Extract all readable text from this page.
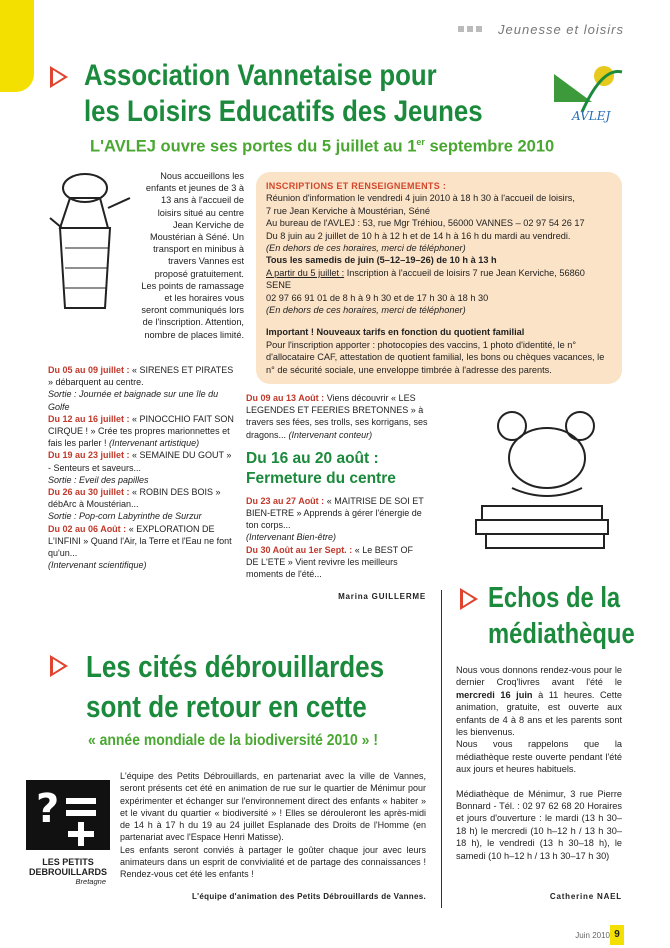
Jeunesse et loisirs
Association Vannetaise pour
les Loisirs Educatifs des Jeunes	AVLEJ
L'AVLEJ ouvre ses portes du 5 juillet au 1er septembre 2010
Nous accueillons les enfants et jeunes de 3 à 13 ans à l'accueil de loisirs situé au centre Jean Kerviche de Moustérian à Séné. Un transport en minibus à travers Vannes est proposé gratuitement. Les points de ramassage et les horaires vous seront communiqués lors de l'inscription. Attention, nombre de places limité.
INSCRIPTIONS ET RENSEIGNEMENTS :
Réunion d'information le vendredi 4 juin 2010 à 18 h 30 à l'accueil de loisirs,
7 rue Jean Kerviche à Moustérian, Séné
Au bureau de l'AVLEJ : 53, rue Mgr Tréhiou, 56000 VANNES – 02 97 54 26 17
Du 8 juin au 2 juillet de 10 h à 12 h et de 14 h à 16 h du mardi au vendredi.
(En dehors de ces horaires, merci de téléphoner)
Tous les samedis de juin (5–12–19–26) de 10 h à 13 h
A partir du 5 juillet : Inscription à l'accueil de loisirs 7 rue Jean Kerviche, 56860 SENE
02 97 66 91 01 de 8 h à 9 h 30 et de 17 h 30 à 18 h 30
(En dehors de ces horaires, merci de téléphoner)
Important ! Nouveaux tarifs en fonction du quotient familial
Pour l'inscription apporter : photocopies des vaccins, 1 photo d'identité, le n° d'allocataire CAF, attestation de quotient familial, les bons ou chèques vacances, le n° de sécurité sociale, une enveloppe timbrée à l'adresse des parents.
Du 05 au 09 juillet : « SIRENES ET PIRATES » débarquent au centre.
Sortie : Journée et baignade sur une île du Golfe
Du 12 au 16 juillet : « PINOCCHIO FAIT SON CIRQUE ! » Crée tes propres marionnettes et fais les parler ! (Intervenant artistique)
Du 19 au 23 juillet : « SEMAINE DU GOUT » - Senteurs et saveurs...
Sortie : Eveil des papilles
Du 26 au 30 juillet : « ROBIN DES BOIS » débArc à Moustérian...
Sortie : Pop-corn Labyrinthe de Surzur
Du 02 au 06 Août : « EXPLORATION DE L'INFINI » Quand l'Air, la Terre et l'Eau ne font qu'un...
(Intervenant scientifique)
Du 09 au 13 Août : Viens découvrir « LES LEGENDES ET FEERIES BRETONNES » à travers ses fées, ses trolls, ses korrigans, ses dragons... (Intervenant conteur)
Du 16 au 20 août : Fermeture du centre
Du 23 au 27 Août : « MAITRISE DE SOI ET BIEN-ETRE » Apprends à gérer l'énergie de ton corps...
(Intervenant Bien-être)
Du 30 Août au 1er Sept. : « Le BEST OF DE L'ETE » Vient revivre les meilleurs moments de l'été...
Marina GUILLERME Echos de la
médiathèque
Nous vous donnons rendez-vous pour le dernier Croq'livres avant l'été le mercredi 16 juin à 11 heures. Cette animation, gratuite, est ouverte aux enfants de 4 à 8 ans et les parents sont les bienvenus.
Nous vous rappelons que la médiathèque reste ouverte pendant l'été aux jours et heures habituels.
Médiathèque de Ménimur, 3 rue Pierre Bonnard - Tél. : 02 97 62 68 20 Horaires et jours d'ouverture : le mardi (13 h 30–18 h) le mercredi (10 h–12 h / 13 h 30–18 h), le vendredi (13 h 30–18 h), le samedi (10 h–12 h / 13 h 30–17 h 30)
Catherine NAEL
Les cités débrouillardes
sont de retour en cette
« année mondiale de la biodiversité 2010 » !
?
LES PETITS
DEBROUILLARDS
Bretagne
L'équipe des Petits Débrouillards, en partenariat avec la ville de Vannes, seront présents cet été en animation de rue sur le quartier de Ménimur pour expérimenter et échanger sur l'environnement direct des enfants « habiter » et le vivant du quartier « biodiversité » ! Elles se dérouleront les après-midi de 14 h à 17 h du 19 au 24 juillet Esplanade des Droits de l'Homme (en partenariat avec l'Espace Henri Matisse).
Les enfants seront conviés à partager le goûter chaque jour avec leurs animateurs dans un esprit de convivialité et de partage des connaissances ! Rendez-vous cet été les enfants !
L'équipe d'animation des Petits Débrouillards de Vannes.
Juin 2010 9
